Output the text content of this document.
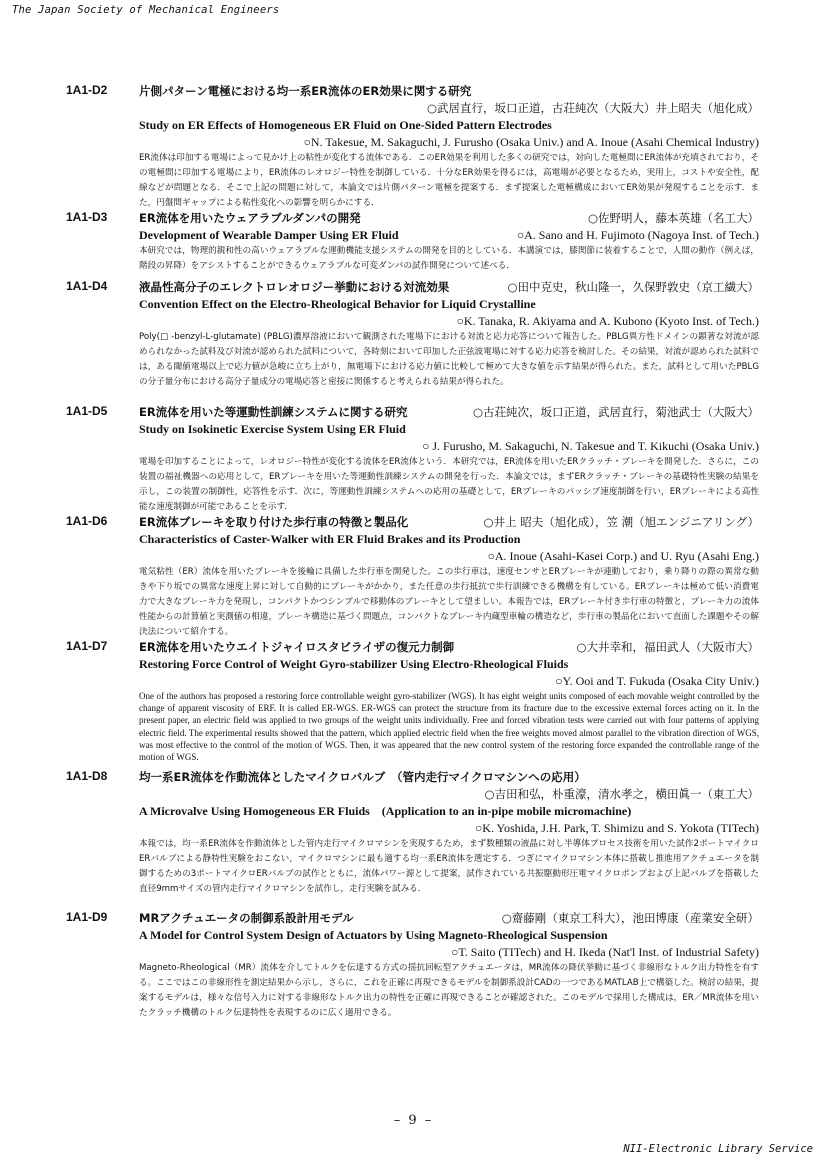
The Japan Society of Mechanical Engineers
1A1-D2	片側パターン電極における均一系ER流体のER効果に関する研究
○武居直行，坂口正道，古荘純次（大阪大）井上昭夫（旭化成）
Study on ER Effects of Homogeneous ER Fluid on One-Sided Pattern Electrodes
○N. Takesue, M. Sakaguchi, J. Furusho (Osaka Univ.) and A. Inoue (Asahi Chemical Industry)

ER流体は印加する電場によって見かけ上の粘性が変化する流体である．このER効果を利用した多くの研究では，対向した電極間にER流体が充填されており，その電極間に印加する電場により，ER流体のレオロジー特性を制御している．十分なER効果を得るには，高電場が必要となるため，実用上，コストや安全性，配線などが問題となる．そこで上記の問題に対して，本論文では片側パターン電極を提案する．まず提案した電極構成においてER効果が発現することを示す．また，円盤間ギャップによる粘性変化への影響を明らかにする．

1A1-D3	ER流体を用いたウェアラブルダンパの開発	○佐野明人，藤本英雄（名工大）
Development of Wearable Damper Using ER Fluid	○A. Sano and H. Fujimoto (Nagoya Inst. of Tech.)

本研究では，物理的親和性の高いウェアラブルな運動機能支援システムの開発を目的としている．本講演では，膝関節に装着することで，人間の動作（例えば，階段の昇降）をアシストすることができるウェアラブルな可変ダンパの試作開発について述べる．

1A1-D4	液晶性高分子のエレクトロレオロジー挙動における対流効果	○田中克史，秋山隆一，久保野敦史（京工繊大）
Convention Effect on the Electro-Rheological Behavior for Liquid Crystalline
○K. Tanaka, R. Akiyama and A. Kubono (Kyoto Inst. of Tech.)

Poly(□ -benzyl-L-glutamate) (PBLG)濃厚溶液において観測された電場下における対流と応力応答について報告した。PBLG異方性ドメインの顕著な対流が認められなかった試料及び対流が認められた試料について，各時刻において印加した正弦波電場に対する応力応答を検討した。その結果，対流が認められた試料では，ある閾値電場以上で応力値が急峻に立ち上がり，無電場下における応力値に比較して極めて大きな値を示す結果が得られた。また，試料として用いたPBLGの分子量分布における高分子量成分の電場応答と密接に関係すると考えられる結果が得られた。

1A1-D5	ER流体を用いた等運動性訓練システムに関する研究	○古荘純次，坂口正道，武居直行，菊池武士（大阪大）
Study on Isokinetic Exercise System Using ER Fluid
○ J. Furusho, M. Sakaguchi, N. Takesue and T. Kikuchi (Osaka Univ.)

電場を印加することによって，レオロジー特性が変化する流体をER流体という．本研究では，ER流体を用いたERクラッチ・ブレーキを開発した．さらに，この装置の福祉機器への応用として，ERブレーキを用いた等運動性訓練システムの開発を行った．本論文では，まずERクラッチ・ブレーキの基礎特性実験の結果を示し，この装置の制御性，応答性を示す．次に，等運動性訓練システムへの応用の基礎として，ERブレーキのパッシブ速度制御を行い，ERブレーキによる高性能な速度制御が可能であることを示す．

1A1-D6	ER流体ブレーキを取り付けた歩行車の特徴と製品化	○井上 昭夫（旭化成），笠 潮（旭エンジニアリング）
Characteristics of Caster-Walker with ER Fluid Brakes and its Production
○A. Inoue (Asahi-Kasei Corp.) and U. Ryu (Asahi Eng.)

電気粘性（ER）流体を用いたブレーキを後輪に具備した歩行車を開発した。この歩行車は，速度センサとERブレーキが連動しており，乗り降りの際の異常な動きや下り坂での異常な速度上昇に対して自動的にブレーキがかかり，また任意の歩行抵抗で歩行訓練できる機構を有している。ERブレーキは極めて低い消費電力で大きなブレーキ力を発現し，コンパクトかつシンプルで移動体のブレーキとして望ましい。本報告では，ERブレーキ付き歩行車の特徴と，ブレーキ力の流体性能からの計算値と実測値の相違，ブレーキ構造に基づく問題点，コンパクトなブレーキ内蔵型車輪の構造など，歩行車の製品化において直面した課題やその解決法について紹介する。

1A1-D7	ER流体を用いたウエイトジャイロスタビライザの復元力制御	○大井幸和，福田武人（大阪市大）
Restoring Force Control of Weight Gyro-stabilizer Using Electro-Rheological Fluids
○Y. Ooi and T. Fukuda (Osaka City Univ.)

One of the authors has proposed a restoring force controllable weight gyro-stabilizer (WGS). It has eight weight units composed of each movable weight controlled by the change of apparent viscosity of ERF. It is called ER-WGS. ER-WGS can protect the structure from its fracture due to the excessive external forces acting on it. In the present paper, an electric field was applied to two groups of the weight units individually. Free and forced vibration tests were carried out with four patterns of applying electric field. The experimental results showed that the pattern, which applied electric field when the free weights moved almost parallel to the vibration direction of WGS, was most effective to the control of the motion of WGS. Then, it was appeared that the new control system of the restoring force expanded the controllable range of the motion of WGS.

1A1-D8	均一系ER流体を作動流体としたマイクロバルブ　（管内走行マイクロマシンへの応用）
○吉田和弘，朴重濠，清水孝之，横田眞一（東工大）
A Microvalve Using Homogeneous ER Fluids　(Application to an in-pipe mobile micromachine)
○K. Yoshida, J.H. Park, T. Shimizu and S. Yokota (TITech)

本報では，均一系ER流体を作動流体とした管内走行マイクロマシンを実現するため，まず数種類の液晶に対し半導体プロセス技術を用いた試作2ポートマイクロERバルブによる静特性実験をおこない，マイクロマシンに最も適する均一系ER流体を選定する．つぎにマイクロマシン本体に搭載し推進用アクチュエータを制御するための3ポートマイクロERバルブの試作とともに，流体パワー源として提案，試作されている共振駆動形圧電マイクロポンプおよび上記バルブを搭載した直径9mmサイズの管内走行マイクロマシンを試作し，走行実験を試みる．

1A1-D9	MRアクチュエータの制御系設計用モデル	○齋藤剛（東京工科大），池田博康（産業安全研）
A Model for Control System Design of Actuators by Using Magneto-Rheological Suspension
○T. Saito (TITech) and H. Ikeda (Nat'l Inst. of Industrial Safety)

Magneto-Rheological（MR）流体を介してトルクを伝達する方式の揺抗回転型アクチュエータは，MR流体の降伏挙動に基づく非線形なトルク出力特性を有する。ここではこの非線形性を測定結果から示し，さらに，これを正確に再現できるモデルを制御系設計CADの一つであるMATLAB上で構築した。検討の結果，提案するモデルは，様々な信号入力に対する非線形なトルク出力の特性を正確に再現できることが確認された。このモデルで採用した構成は，ER／MR流体を用いたクラッチ機構のトルク伝達特性を表現するのに広く適用できる。

– 9 –
NII-Electronic Library Service
